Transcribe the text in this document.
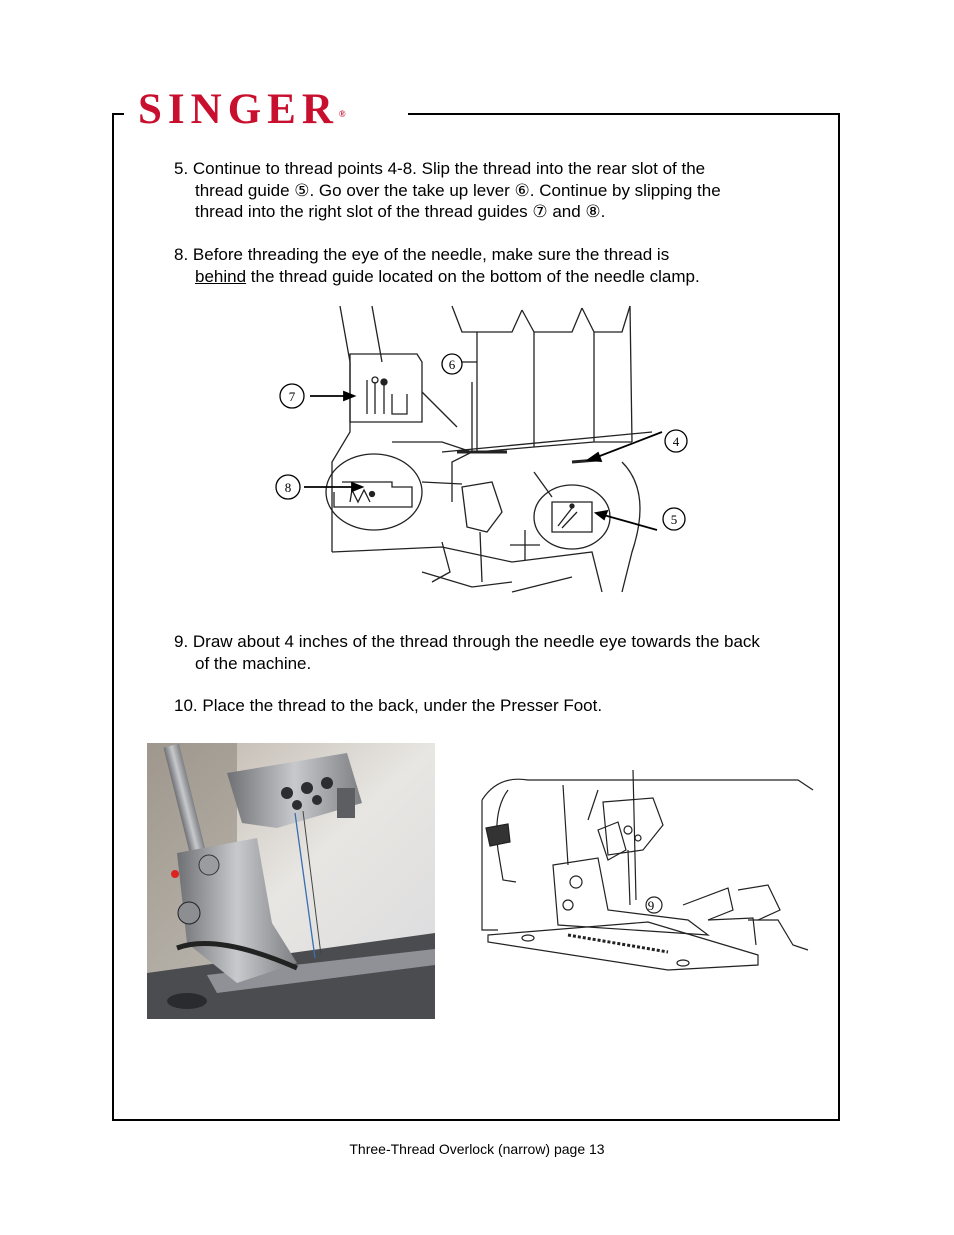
SINGER®
5. Continue to thread points 4-8. Slip the thread into the rear slot of the
thread guide ⑤. Go over the take up lever ⑥. Continue by slipping the
thread into the right slot of the thread guides ⑦ and ⑧.
8. Before threading the eye of the needle, make sure the thread is
behind the thread guide located on the bottom of the needle clamp.
7
6
4
8
5
9. Draw about 4 inches of the thread through the needle eye towards the back
of the machine.
10. Place the thread to the back, under the Presser Foot.
9
Three-Thread Overlock (narrow) page 13
